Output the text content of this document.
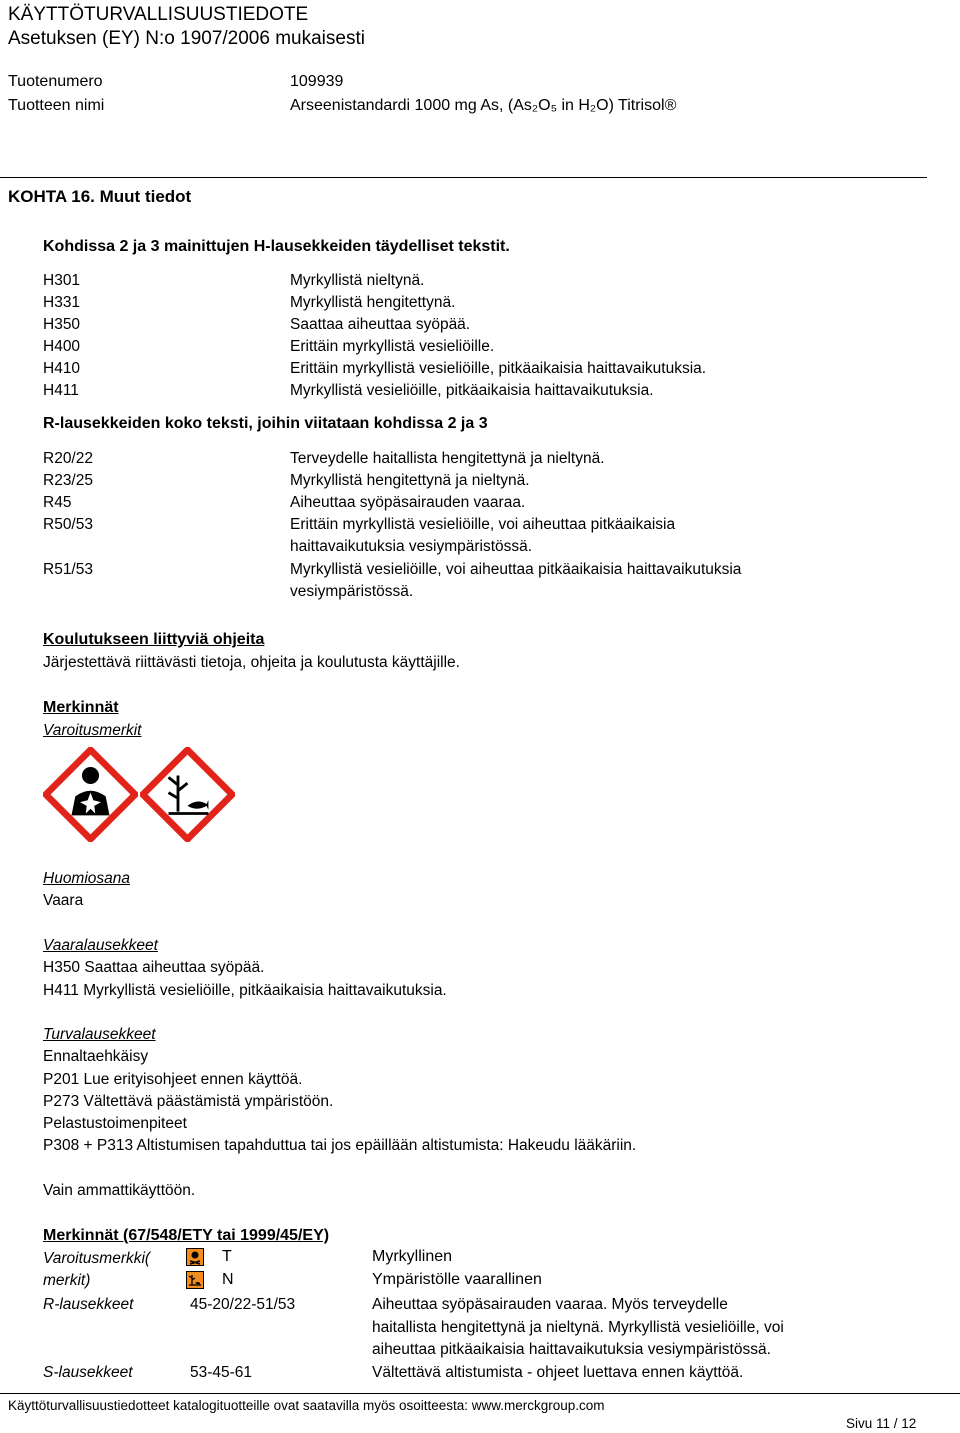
KÄYTTÖTURVALLISUUSTIEDOTE
Asetuksen (EY) N:o 1907/2006 mukaisesti
Tuotenumero	109939
Tuotteen nimi	Arseenistandardi 1000 mg As, (As₂O₅ in H₂O) Titrisol®
KOHTA 16. Muut tiedot
Kohdissa 2 ja 3 mainittujen H-lausekkeiden täydelliset tekstit.
H301	Myrkyllistä nieltynä.
H331	Myrkyllistä hengitettynä.
H350	Saattaa aiheuttaa syöpää.
H400	Erittäin myrkyllistä vesieliöille.
H410	Erittäin myrkyllistä vesieliöille, pitkäaikaisia haittavaikutuksia.
H411	Myrkyllistä vesieliöille, pitkäaikaisia haittavaikutuksia.
R-lausekkeiden koko teksti, joihin viitataan kohdissa 2 ja 3
R20/22	Terveydelle haitallista hengitettynä ja nieltynä.
R23/25	Myrkyllistä hengitettynä ja nieltynä.
R45	Aiheuttaa syöpäsairauden vaaraa.
R50/53	Erittäin myrkyllistä vesieliöille, voi aiheuttaa pitkäaikaisia
haittavaikutuksia vesiympäristössä.
R51/53	Myrkyllistä vesieliöille, voi aiheuttaa pitkäaikaisia haittavaikutuksia
vesiympäristössä.
Koulutukseen liittyviä ohjeita
Järjestettävä riittävästi tietoja, ohjeita ja koulutusta käyttäjille.
Merkinnät
Varoitusmerkit
Huomiosana
Vaara
Vaaralausekkeet
H350 Saattaa aiheuttaa syöpää.
H411 Myrkyllistä vesieliöille, pitkäaikaisia haittavaikutuksia.
Turvalausekkeet
Ennaltaehkäisy
P201 Lue erityisohjeet ennen käyttöä.
P273 Vältettävä päästämistä ympäristöön.
Pelastustoimenpiteet
P308 + P313 Altistumisen tapahduttua tai jos epäillään altistumista: Hakeudu lääkäriin.
Vain ammattikäyttöön.
Merkinnät (67/548/ETY tai 1999/45/EY)
Varoitusmerkki(
merkit)
T	Myrkyllinen
N	Ympäristölle vaarallinen
R-lausekkeet	45-20/22-51/53	Aiheuttaa syöpäsairauden vaaraa. Myös terveydelle
haitallista hengitettynä ja nieltynä. Myrkyllistä vesieliöille, voi
aiheuttaa pitkäaikaisia haittavaikutuksia vesiympäristössä.
S-lausekkeet	53-45-61	Vältettävä altistumista - ohjeet luettava ennen käyttöä.
Käyttöturvallisuustiedotteet katalogituotteille ovat saatavilla myös osoitteesta: www.merckgroup.com
Sivu 11 / 12
